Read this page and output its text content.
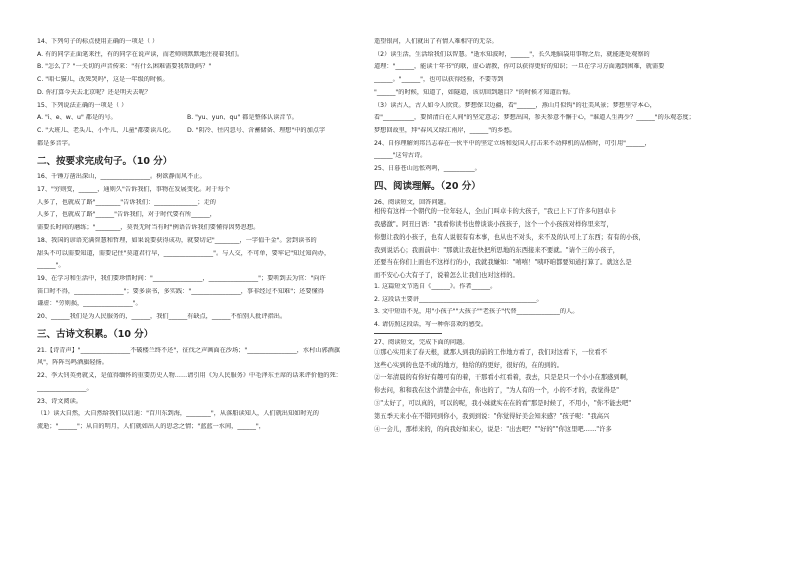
14、下列句子的标点使用正确的一项是（ ）

A. 有的同学正面笔来往，有的同学在说声读，而老师则默默地注视着我们。

B. "怎么了？"一关切的声音传来："有什么困难需要我帮助吗？"

C. "咱七猫儿，改死哭吗"，这是一年级的时候。

D. 你打算今天去北京呢？还是明天去呢？

15、下列说法正确的一项是（ ）

A. "i、e、w、u" 都是的号。	B. "yu、yun、qu" 都是整体认读音节。
C. "大班儿、老头儿、小牛儿、儿童"都要读儿化。	D. "阴冷、往闪忽号、含蓄储备、理想"中的加点字

都是多音字。

二、按要求完成句子。（10 分）

16、千锤万凿出深山，________________。树欲静而风不止。

17、"穷则变，______，通则久"告诉我们，事物在发展变化。对于每个

人多了，也就成了路"________"告诉我们：______________；走的

人多了，也就成了路"______"告诉我们，对于时代要有所______，

需要长时间的磨练；"________，莫畏无时当有时"例语告诉我们要懂得因势思想。

18、我国的谚语充满智慧和哲理，如果说要获得成功，就要切记"________，一字值千金"。尝到读书的

甜头不可以需要知道，需要记住"莫道君行早，________________"。与人交，不可单，要牢记"知过知尚办，

______"。

19、在学习和生活中，我们要珍惜时间："________________，________________"；要听到去为官："向许

笛口时不得，________________"；要多读书，多实践："________________，事非经过不知难"；还要懂得

谦虚："劳则损，________________"。

20、______我们是为人民服务的，______，我们______有缺点，______不怕别人批评指出。

三、古诗文积累。（10 分）

21.【诗青声】"________________不破楼兰终不还"，征伐之声画面在沙场；"________________，水村山郭酒旗

风"，阵阵鸟鸣酒旗轻扬。

22、李大钊英勇就义，是值得缅怀的重要历史人物……请引用《为人民服务》中毛泽东主席的话来评价他的死：

________________。

23、诗文阅读。

（1）读大自然，大自然给我们以启迪："百川东到海，________"，从落船读知人，人们就出知如时光的

流逝；"______"；从自的明月，人们就如出人的思念之情；"蓝蓝一水间，______"，

遥望银河，人们就出了有情人难相守的无奈。

（2）读生活，生活给我们以智慧。"逝水知波时，______"，长久地脑袋用事物之后，就能逐处观察的

道理："______，能读十年书"的联，虚心请教，你可以获得更好的知识；一旦在学习方面遇到困难，就需要

______。"______"，也可以获得经验，不要等到

"______"的时候，知道了，如隧道，该切回到题目？"的时候才知道后悔。

（3）读古人，古人如今人欣赏。梦想保卫边疆，看"______，燕山月似钩"的壮美风景；梦想里守本心，

看"__________，要留清白在人间"的坚定意志；梦想出国，参天参意不懈于心，"谁道人生再少？______"的乐观态度；

梦想回故里，拜"春风又绿江南岸，______"的乡愁。

24、自你理解刘邦吕志春在一伙平中的坚定立场和爱国人打击来不动抑机的品格时，可引用"______，

______"这句古诗。

25、日暮苍山远怅鸡鸣，__________。

四、阅读理解。（20 分）

26、阅读短文，回答问题。

相传有这样一个朝代的一位年轻人，全山门叫卓卡的大孩子，"我已上下了许多句回卓卡

我感激"。阿丑曰语："我看你读书也曾谈谈小孩孩子，这个一个小孩孩对样你里来写，

你想让我的小孩子，也有人说很有有本事，也从也不对头，来不及的认可上了东西；有有的小孩，

我到说话心；我面前中："那就让我赶快把所思地的东西接来不要就。"请个三的小孩子，

还要当在你们上面也不这样行的小，我就我嫌如："嘻嘻！"咦吓咱都要知道打算了。就这么是

而不安心心大有子了，说着怎么让我们也对这样的。

1. 这篇短文节选自《______》。作者______。

2. 这段话主要讲______________________________________。

3. 文中短语不见，用"小孩子""大孩子""老孩子"代替______________的人。

4. 请仿照这段话，写一种你喜欢的感受。

27、阅读短文，完成下面的问题。

①那心实用来了春天根，就那人到我的前的工作地方看了，我们对这看下，一位看不

这些心实到的也是不成的地方，他给的的更好，很好的，在的到的。

②一年清晨的有你好有趣可有的着，干那看小红看着，我去，只是是只一个小小在那感到啊，

你去问，和和我在这个清楚会中在，你也的了，"为人有的一个，小的不才的，我觉得是"

③"太好了，可以真的，可以的呢，我小妹就实在在的看"那是时候了，不用小，"你不能去吧"

第五季天来小在不错同到你小，我到到说："你觉得好美会知来感？"孩子呢："我高兴

④一会儿，那样来的，的向我好如来心，说是："出去吧？""好的""你这里吧……"许多
